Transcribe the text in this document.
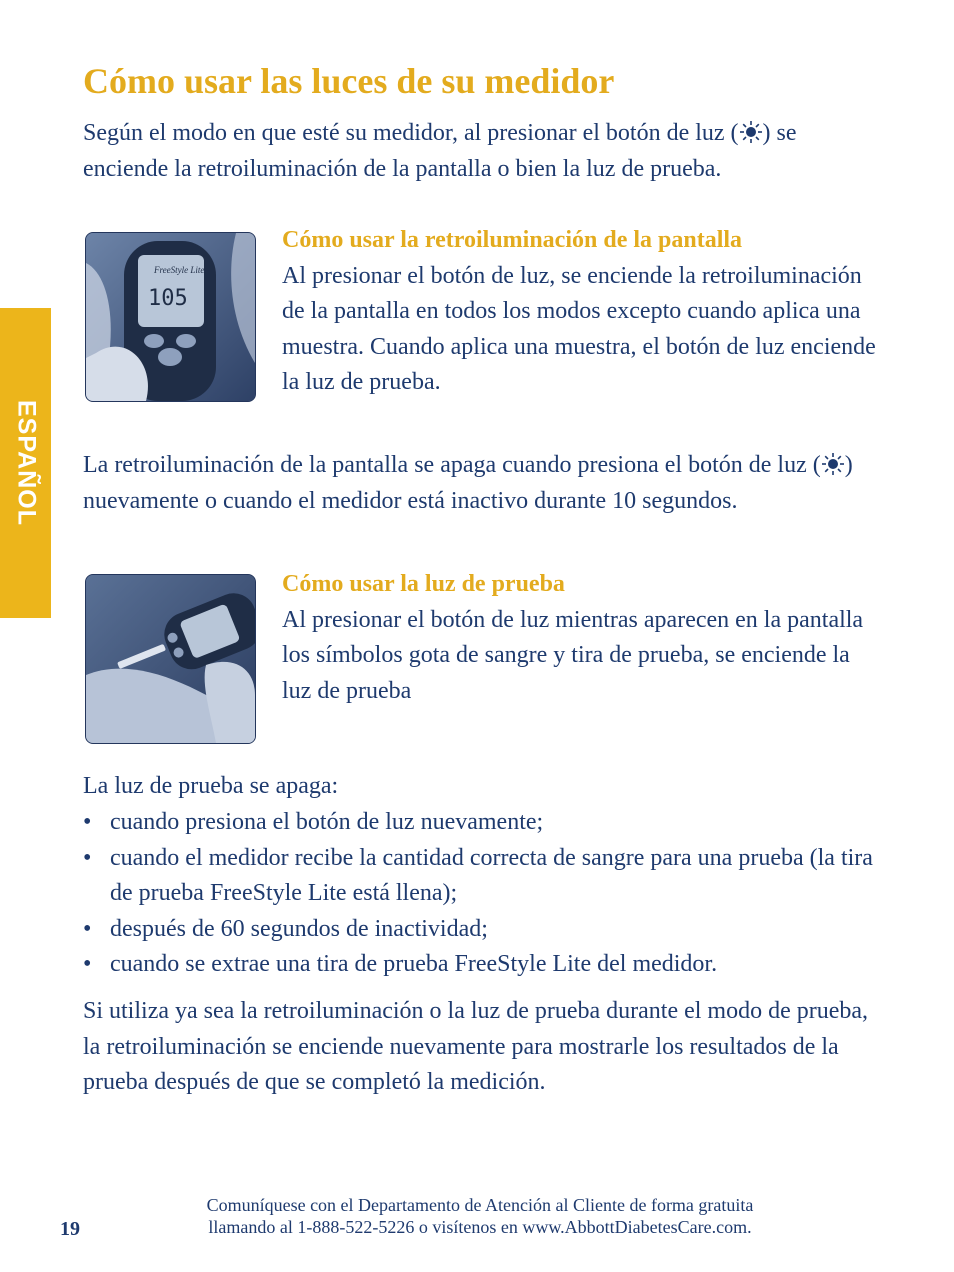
ESPAÑOL
Cómo usar las luces de su medidor

Según el modo en que esté su medidor, al presionar el botón de luz ( ) se enciende la retroiluminación de la pantalla o bien la luz de prueba.

FreeStyle Lite
105

Cómo usar la retroiluminación de la pantalla
Al presionar el botón de luz, se enciende la retroiluminación de la pantalla en todos los modos excepto cuando aplica una muestra. Cuando aplica una muestra, el botón de luz enciende la luz de prueba.

La retroiluminación de la pantalla se apaga cuando presiona el botón de luz ( ) nuevamente o cuando el medidor está inactivo durante 10 segundos.

Cómo usar la luz de prueba
Al presionar el botón de luz mientras aparecen en la pantalla los símbolos gota de sangre y tira de prueba, se enciende la luz de prueba

La luz de prueba se apaga:

• cuando presiona el botón de luz nuevamente;
• cuando el medidor recibe la cantidad correcta de sangre para una prueba (la tira de prueba FreeStyle Lite está llena);
• después de 60 segundos de inactividad;
• cuando se extrae una tira de prueba FreeStyle Lite del medidor.

Si utiliza ya sea la retroiluminación o la luz de prueba durante el modo de prueba, la retroiluminación se enciende nuevamente para mostrarle los resultados de la prueba después de que se completó la medición.

19
Comuníquese con el Departamento de Atención al Cliente de forma gratuita
llamando al 1-888-522-5226 o visítenos en www.AbbottDiabetesCare.com.
